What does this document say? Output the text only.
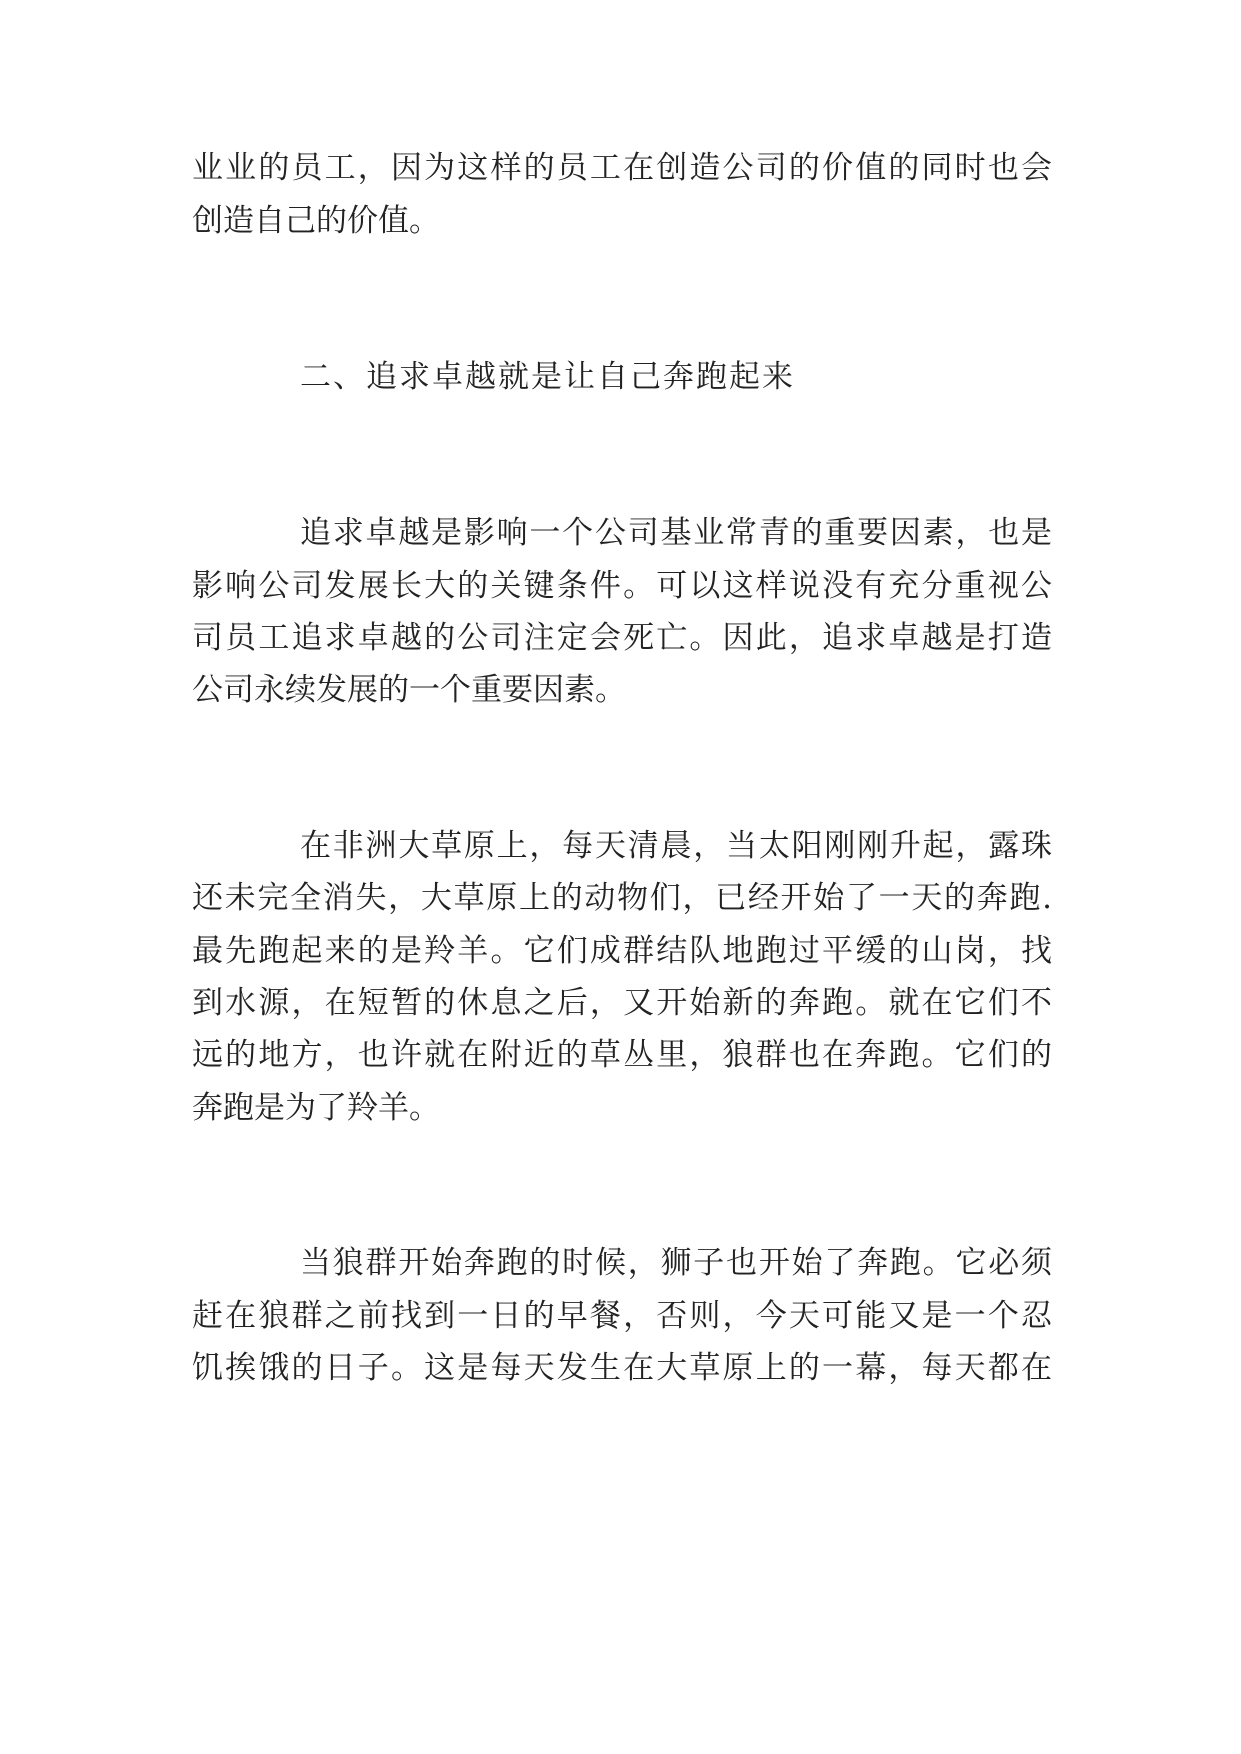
业业的员工，因为这样的员工在创造公司的价值的同时也会

创造自己的价值。

二、追求卓越就是让自己奔跑起来

追求卓越是影响一个公司基业常青的重要因素，也是

影响公司发展长大的关键条件。可以这样说没有充分重视公

司员工追求卓越的公司注定会死亡。因此，追求卓越是打造

公司永续发展的一个重要因素。

在非洲大草原上，每天清晨，当太阳刚刚升起，露珠

还未完全消失，大草原上的动物们，已经开始了一天的奔跑.

最先跑起来的是羚羊。它们成群结队地跑过平缓的山岗，找

到水源，在短暂的休息之后，又开始新的奔跑。就在它们不

远的地方，也许就在附近的草丛里，狼群也在奔跑。它们的

奔跑是为了羚羊。

当狼群开始奔跑的时候，狮子也开始了奔跑。它必须

赶在狼群之前找到一日的早餐，否则，今天可能又是一个忍

饥挨饿的日子。这是每天发生在大草原上的一幕，每天都在
